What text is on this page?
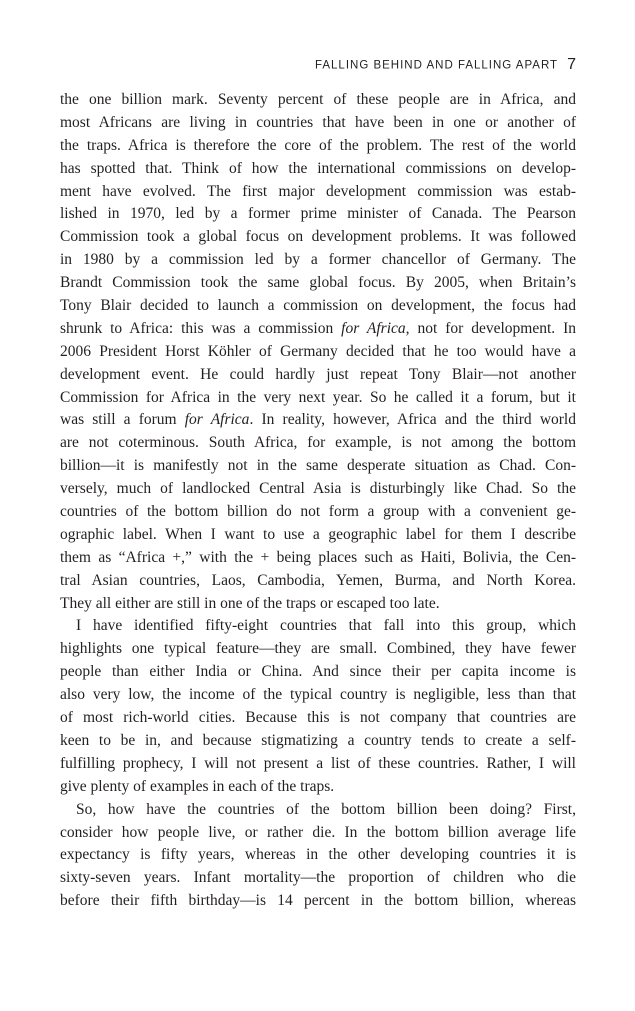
FALLING BEHIND AND FALLING APART 7
the one billion mark. Seventy percent of these people are in Africa, and
most Africans are living in countries that have been in one or another of
the traps. Africa is therefore the core of the problem. The rest of the world
has spotted that. Think of how the international commissions on develop-
ment have evolved. The first major development commission was estab-
lished in 1970, led by a former prime minister of Canada. The Pearson
Commission took a global focus on development problems. It was followed
in 1980 by a commission led by a former chancellor of Germany. The
Brandt Commission took the same global focus. By 2005, when Britain’s
Tony Blair decided to launch a commission on development, the focus had
shrunk to Africa: this was a commission for Africa, not for development. In
2006 President Horst Köhler of Germany decided that he too would have a
development event. He could hardly just repeat Tony Blair—not another
Commission for Africa in the very next year. So he called it a forum, but it
was still a forum for Africa. In reality, however, Africa and the third world
are not coterminous. South Africa, for example, is not among the bottom
billion—it is manifestly not in the same desperate situation as Chad. Con-
versely, much of landlocked Central Asia is disturbingly like Chad. So the
countries of the bottom billion do not form a group with a convenient ge-
ographic label. When I want to use a geographic label for them I describe
them as “Africa +,” with the + being places such as Haiti, Bolivia, the Cen-
tral Asian countries, Laos, Cambodia, Yemen, Burma, and North Korea.
They all either are still in one of the traps or escaped too late.
I have identified fifty-eight countries that fall into this group, which
highlights one typical feature—they are small. Combined, they have fewer
people than either India or China. And since their per capita income is
also very low, the income of the typical country is negligible, less than that
of most rich-world cities. Because this is not company that countries are
keen to be in, and because stigmatizing a country tends to create a self-
fulfilling prophecy, I will not present a list of these countries. Rather, I will
give plenty of examples in each of the traps.
So, how have the countries of the bottom billion been doing? First,
consider how people live, or rather die. In the bottom billion average life
expectancy is fifty years, whereas in the other developing countries it is
sixty-seven years. Infant mortality—the proportion of children who die
before their fifth birthday—is 14 percent in the bottom billion, whereas
